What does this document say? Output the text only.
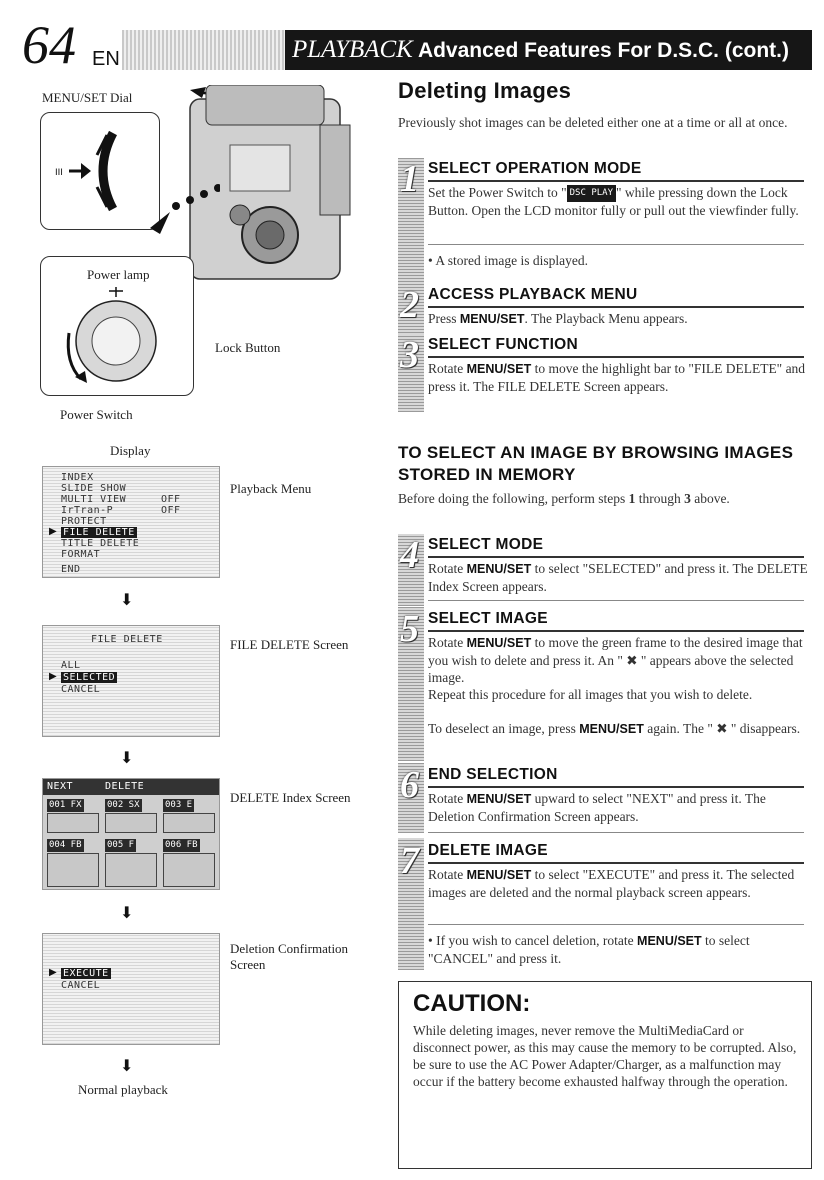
64 EN	PLAYBACK Advanced Features For D.S.C. (cont.)
MENU/SET Dial
III
Power lamp
Lock Button
Power Switch
Display
INDEX
SLIDE SHOW
MULTI VIEW	OFF
IrTran-P	OFF
PROTECT
▶ FILE DELETE
TITLE DELETE
FORMAT
END
Playback Menu
⬇
FILE DELETE
ALL
▶ SELECTED
CANCEL
FILE DELETE Screen
⬇
NEXT	DELETE
001 FX	002 SX	003 E
004 FB	005 F	006 FB
DELETE Index Screen
⬇
▶ EXECUTE
CANCEL
Deletion Confirmation Screen
⬇
Normal playback
Deleting Images
Previously shot images can be deleted either one at a time or all at once.
1 SELECT OPERATION MODE
Set the Power Switch to " DSC PLAY " while pressing down the Lock Button. Open the LCD monitor fully or pull out the viewfinder fully.
• A stored image is displayed.
2 ACCESS PLAYBACK MENU
Press MENU/SET. The Playback Menu appears.
3 SELECT FUNCTION
Rotate MENU/SET to move the highlight bar to "FILE DELETE" and press it. The FILE DELETE Screen appears.
TO SELECT AN IMAGE BY BROWSING IMAGES STORED IN MEMORY
Before doing the following, perform steps 1 through 3 above.
4 SELECT MODE
Rotate MENU/SET to select "SELECTED" and press it. The DELETE Index Screen appears.
5 SELECT IMAGE
Rotate MENU/SET to move the green frame to the desired image that you wish to delete and press it. An " ✖ " appears above the selected image.
Repeat this procedure for all images that you wish to delete.
To deselect an image, press MENU/SET again. The " ✖ " disappears.
6 END SELECTION
Rotate MENU/SET upward to select "NEXT" and press it. The Deletion Confirmation Screen appears.
7 DELETE IMAGE
Rotate MENU/SET to select "EXECUTE" and press it. The selected images are deleted and the normal playback screen appears.
• If you wish to cancel deletion, rotate MENU/SET to select "CANCEL" and press it.
CAUTION:
While deleting images, never remove the MultiMediaCard or disconnect power, as this may cause the memory to be corrupted. Also, be sure to use the AC Power Adapter/Charger, as a malfunction may occur if the battery become exhausted halfway through the operation.
